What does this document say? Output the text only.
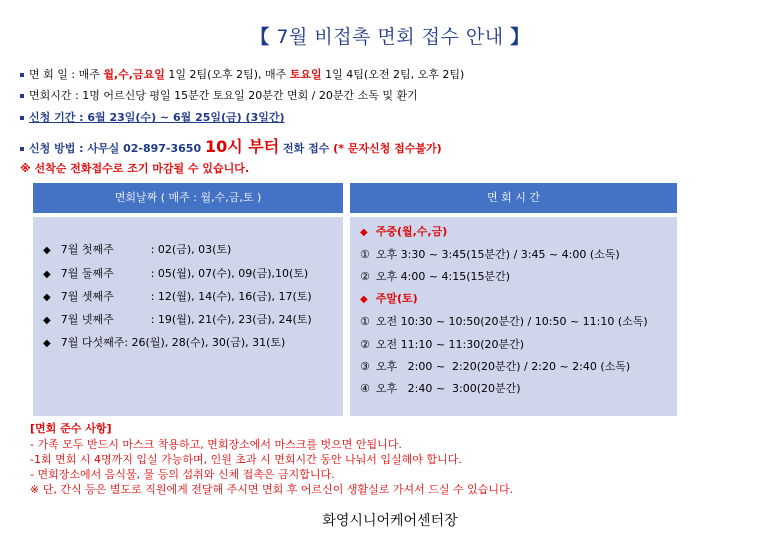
【 7월 비접촉 면회 접수 안내 】
면 회 일 : 매주 월,수,금요일 1일 2팀(오후 2팀), 매주 토요일 1일 4팀(오전 2팀, 오후 2팀)
면회시간 : 1명 어르신당 평일 15분간 토요일 20분간 면회 / 20분간 소독 및 환기
신청 기간 : 6월 23일(수) ~ 6월 25일(금) (3일간)
신청 방법 : 사무실 02-897-3650 10시 부터 전화 접수 (* 문자신청 접수불가)
※ 선착순 전화접수로 조기 마감될 수 있습니다.
면회날짜 ( 매주 : 월,수,금,토 )
◆ 7월 첫째주	: 02(금), 03(토)
◆ 7월 둘째주	: 05(월), 07(수), 09(금),10(토)
◆ 7월 셋째주	: 12(월), 14(수), 16(금), 17(토)
◆ 7월 넷째주	: 19(월), 21(수), 23(금), 24(토)
◆ 7월 다섯째주: 26(월), 28(수), 30(금), 31(토)
면 회 시 간
◆ 주중(월,수,금)
① 오후 3:30 ~ 3:45(15분간) / 3:45 ~ 4:00 (소독)
② 오후 4:00 ~ 4:15(15분간)
◆ 주말(토)
① 오전 10:30 ~ 10:50(20분간) / 10:50 ~ 11:10 (소독)
② 오전 11:10 ~ 11:30(20분간)
③ 오후   2:00 ~  2:20(20분간) / 2:20 ~ 2:40 (소독)
④ 오후   2:40 ~  3:00(20분간)
[면회 준수 사항]
- 가족 모두 반드시 마스크 착용하고, 면회장소에서 마스크를 벗으면 안됩니다.
-1회 면회 시 4명까지 입실 가능하며, 인원 초과 시 면회시간 동안 나눠서 입실해야 합니다.
- 면회장소에서 음식물, 물 등의 섭취와 신체 접촉은 금지합니다.
※ 단, 간식 등은 별도로 직원에게 전달해 주시면 면회 후 어르신이 생활실로 가셔서 드실 수 있습니다.
화영시니어케어센터장
